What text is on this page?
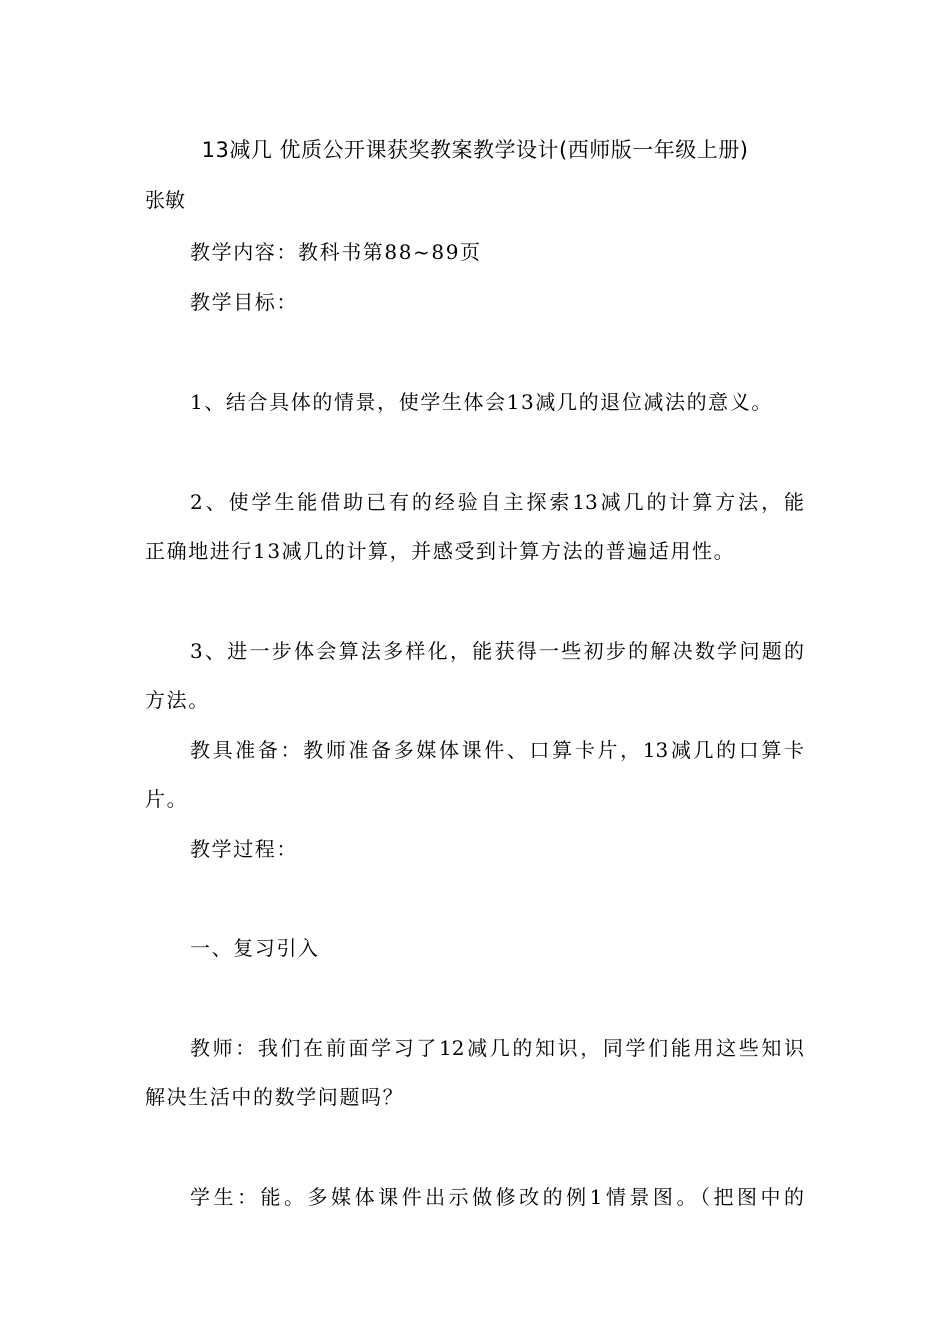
13减几 优质公开课获奖教案教学设计(西师版一年级上册)
张敏
教学内容：教科书第88~89页
教学目标：
1、结合具体的情景，使学生体会13减几的退位减法的意义。
2、使学生能借助已有的经验自主探索13减几的计算方法，能
正确地进行13减几的计算，并感受到计算方法的普遍适用性。
3、进一步体会算法多样化，能获得一些初步的解决数学问题的
方法。
教具准备：教师准备多媒体课件、口算卡片，13减几的口算卡
片。
教学过程：
一、复习引入
教师：我们在前面学习了12减几的知识，同学们能用这些知识
解决生活中的数学问题吗？
学生：能。多媒体课件出示做修改的例1情景图。（把图中的
